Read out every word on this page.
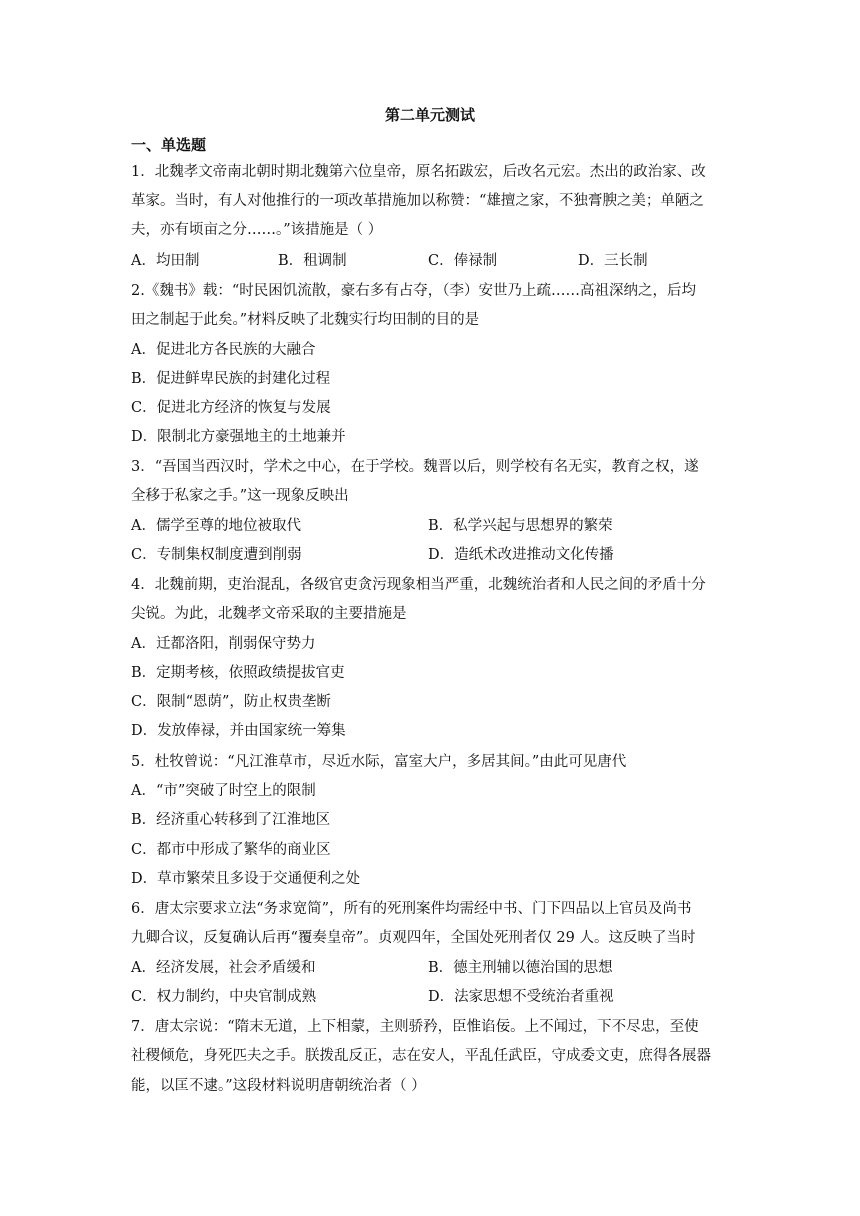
第二单元测试
一、单选题
1．北魏孝文帝南北朝时期北魏第六位皇帝，原名拓跋宏，后改名元宏。杰出的政治家、改
革家。当时，有人对他推行的一项改革措施加以称赞：“雄擅之家，不独膏腴之美；单陋之
夫，亦有顷亩之分……。”该措施是（ ）
A．均田制	B．租调制	C．俸禄制	D．三长制
2.《魏书》载：“时民困饥流散，豪右多有占夺，（李）安世乃上疏……高祖深纳之，后均
田之制起于此矣。”材料反映了北魏实行均田制的目的是
A．促进北方各民族的大融合
B．促进鲜卑民族的封建化过程
C．促进北方经济的恢复与发展
D．限制北方豪强地主的土地兼并
3．“吾国当西汉时，学术之中心，在于学校。魏晋以后，则学校有名无实，教育之权，遂
全移于私家之手。”这一现象反映出
A．儒学至尊的地位被取代	B．私学兴起与思想界的繁荣
C．专制集权制度遭到削弱	D．造纸术改进推动文化传播
4．北魏前期，吏治混乱，各级官吏贪污现象相当严重，北魏统治者和人民之间的矛盾十分
尖锐。为此，北魏孝文帝采取的主要措施是
A．迁都洛阳，削弱保守势力
B．定期考核，依照政绩提拔官吏
C．限制“恩荫”，防止权贵垄断
D．发放俸禄，并由国家统一筹集
5．杜牧曾说：“凡江淮草市，尽近水际，富室大户，多居其间。”由此可见唐代
A．“市”突破了时空上的限制
B．经济重心转移到了江淮地区
C．都市中形成了繁华的商业区
D．草市繁荣且多设于交通便利之处
6．唐太宗要求立法“务求宽简”，所有的死刑案件均需经中书、门下四品以上官员及尚书
九卿合议，反复确认后再“覆奏皇帝”。贞观四年，全国处死刑者仅 29 人。这反映了当时
A．经济发展，社会矛盾缓和	B．德主刑辅以德治国的思想
C．权力制约，中央官制成熟	D．法家思想不受统治者重视
7．唐太宗说：“隋末无道，上下相蒙，主则骄矜，臣惟谄佞。上不闻过，下不尽忠，至使
社稷倾危，身死匹夫之手。朕拨乱反正，志在安人，平乱任武臣，守成委文吏，庶得各展器
能，以匡不逮。”这段材料说明唐朝统治者（ ）
